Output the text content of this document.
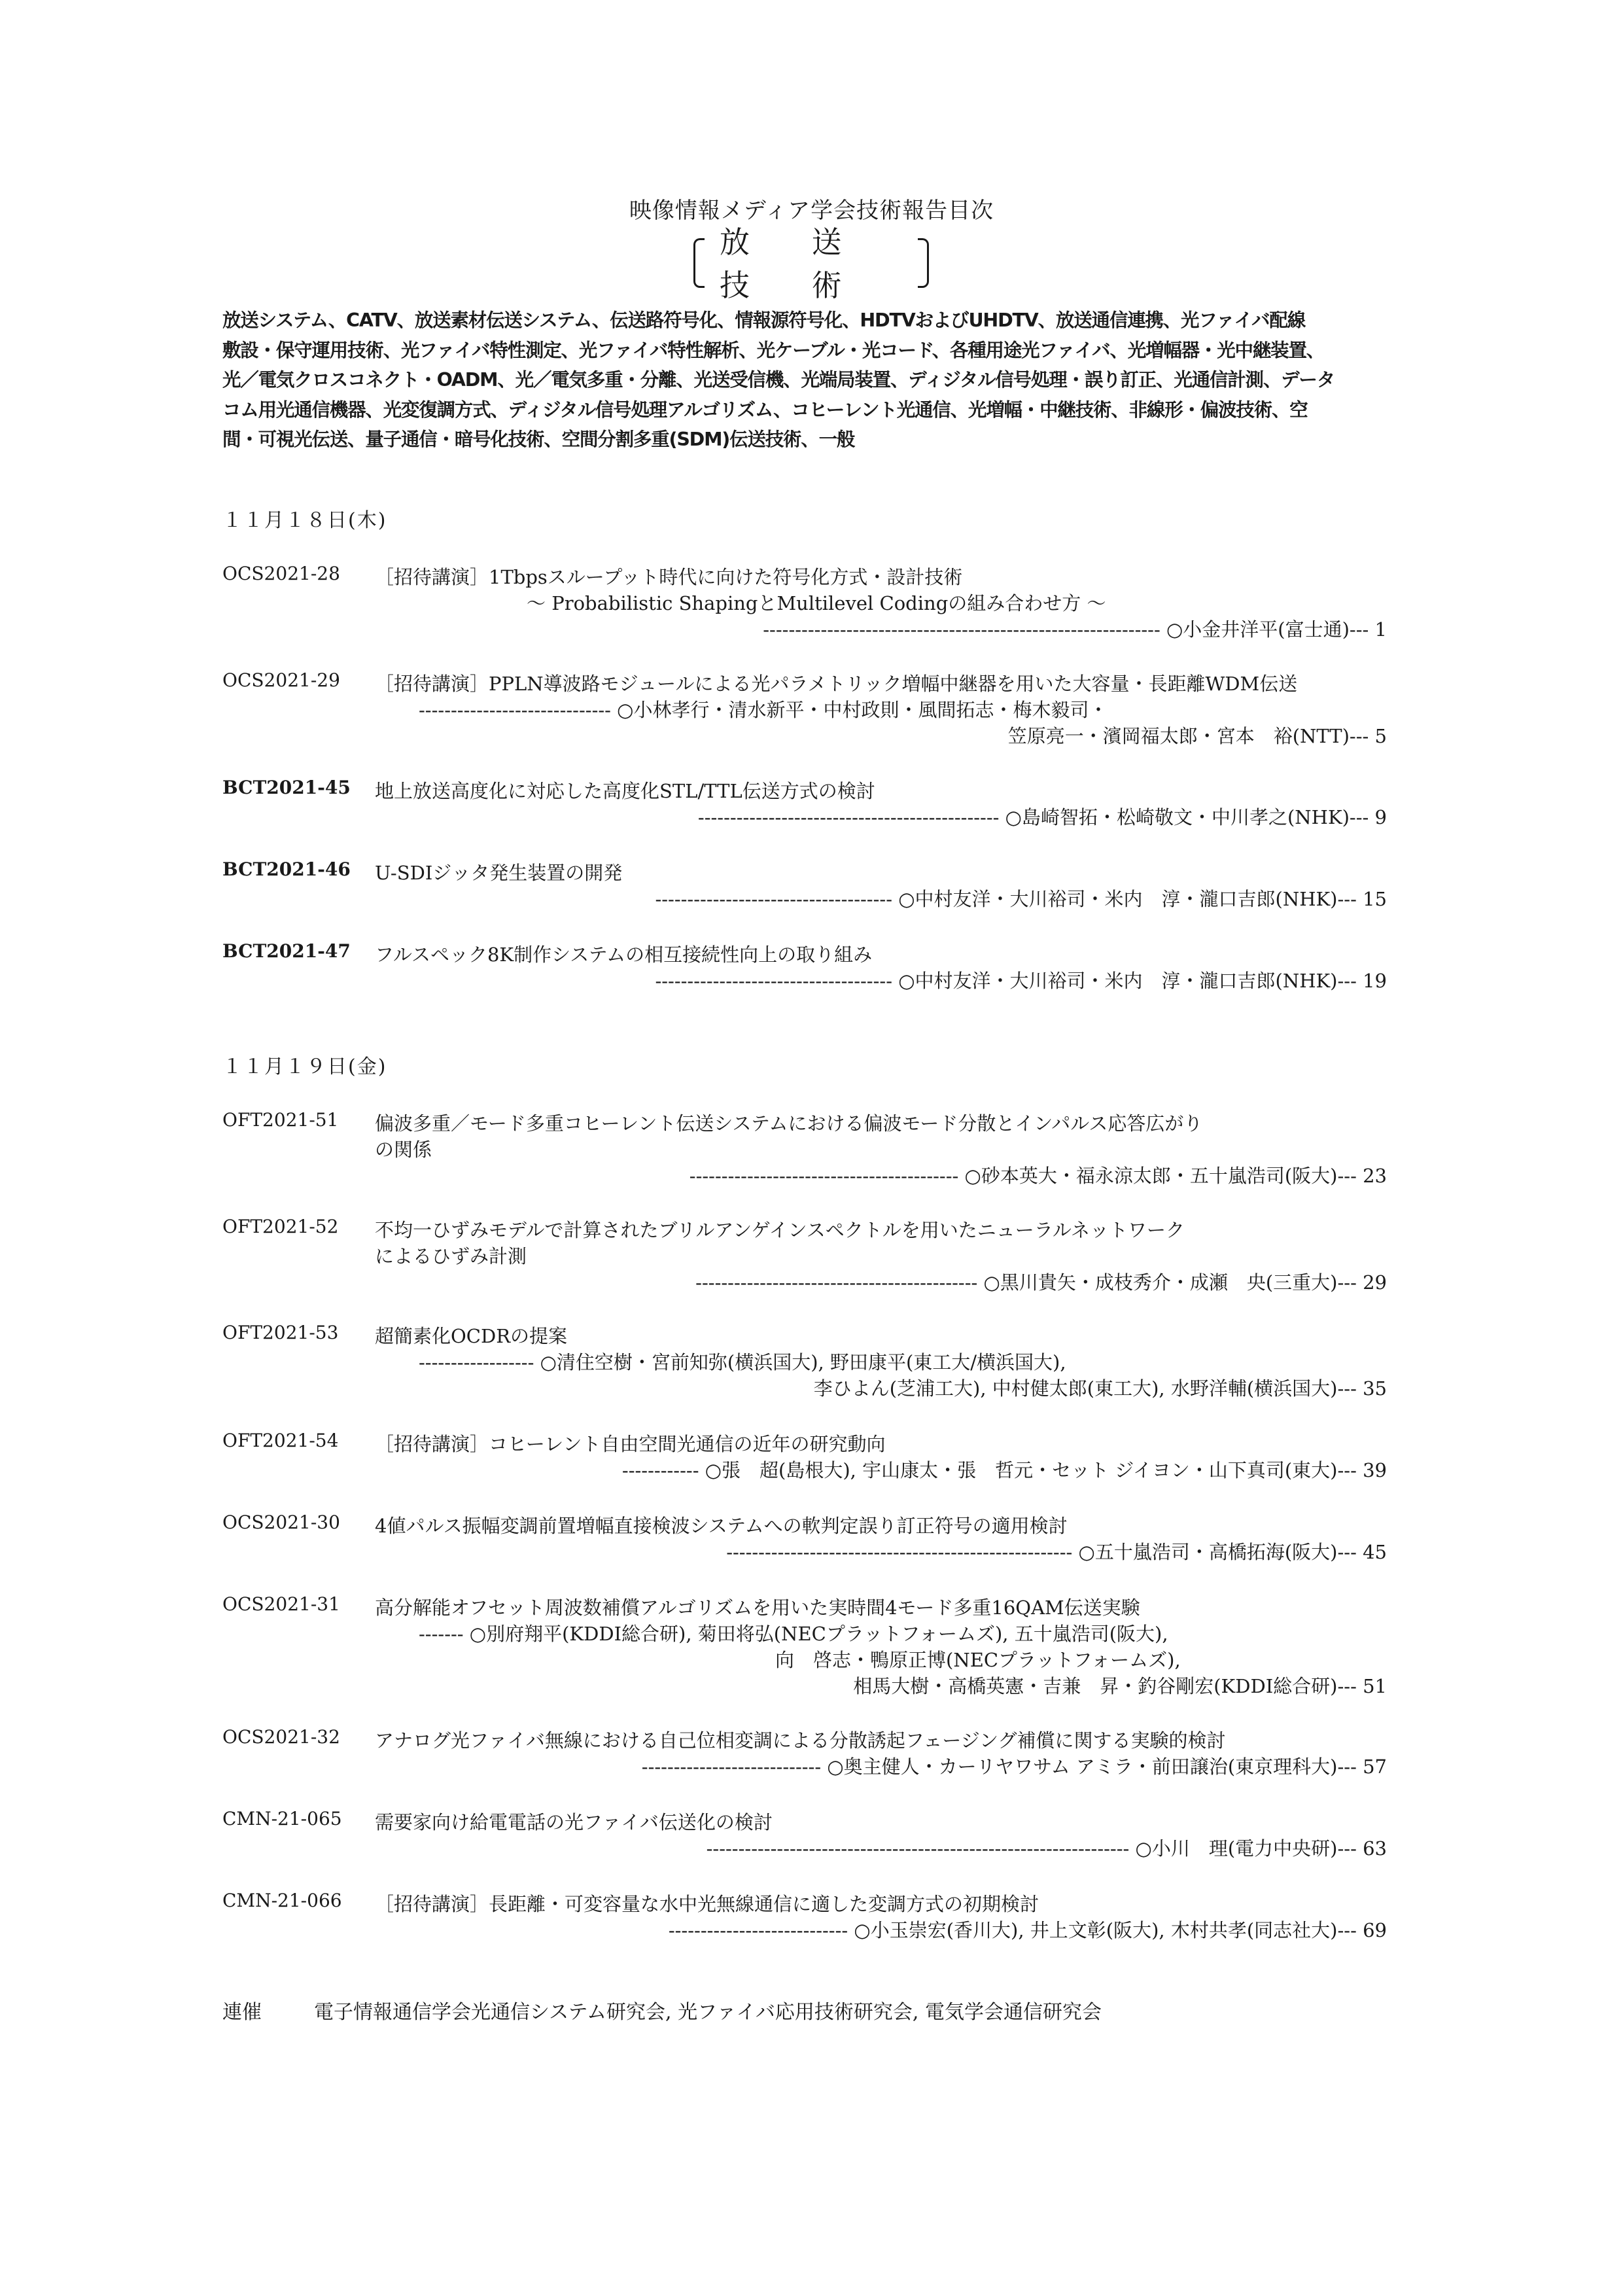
映像情報メディア学会技術報告目次
放 送 技 術
放送システム、CATV、放送素材伝送システム、伝送路符号化、情報源符号化、HDTVおよびUHDTV、放送通信連携、光ファイバ配線
敷設・保守運用技術、光ファイバ特性測定、光ファイバ特性解析、光ケーブル・光コード、各種用途光ファイバ、光増幅器・光中継装置、
光／電気クロスコネクト・OADM、光／電気多重・分離、光送受信機、光端局装置、ディジタル信号処理・誤り訂正、光通信計測、データ
コム用光通信機器、光変復調方式、ディジタル信号処理アルゴリズム、コヒーレント光通信、光増幅・中継技術、非線形・偏波技術、空
間・可視光伝送、量子通信・暗号化技術、空間分割多重(SDM)伝送技術、一般
１１月１８日(木)
OCS2021-28 ［招待講演］1Tbpsスループット時代に向けた符号化方式・設計技術
〜 Probabilistic ShapingとMultilevel Codingの組み合わせ方 〜
-------------------------------------------------------------- ○小金井洋平(富士通)--- 1
OCS2021-29 ［招待講演］PPLN導波路モジュールによる光パラメトリック増幅中継器を用いた大容量・長距離WDM伝送
------------------------------ ○小林孝行・清水新平・中村政則・風間拓志・梅木毅司・
笠原亮一・濱岡福太郎・宮本　裕(NTT)--- 5
BCT2021-45 地上放送高度化に対応した高度化STL/TTL伝送方式の検討
----------------------------------------------- ○島崎智拓・松崎敬文・中川孝之(NHK)--- 9
BCT2021-46 U-SDIジッタ発生装置の開発
------------------------------------- ○中村友洋・大川裕司・米内　淳・瀧口吉郎(NHK)--- 15
BCT2021-47 フルスペック8K制作システムの相互接続性向上の取り組み
------------------------------------- ○中村友洋・大川裕司・米内　淳・瀧口吉郎(NHK)--- 19
１１月１９日(金)
OFT2021-51 偏波多重／モード多重コヒーレント伝送システムにおける偏波モード分散とインパルス応答広がり
の関係
------------------------------------------ ○砂本英大・福永涼太郎・五十嵐浩司(阪大)--- 23
OFT2021-52 不均一ひずみモデルで計算されたブリルアンゲインスペクトルを用いたニューラルネットワーク
によるひずみ計測
-------------------------------------------- ○黒川貴矢・成枝秀介・成瀬　央(三重大)--- 29
OFT2021-53 超簡素化OCDRの提案
------------------ ○清住空樹・宮前知弥(横浜国大), 野田康平(東工大/横浜国大),
李ひよん(芝浦工大), 中村健太郎(東工大), 水野洋輔(横浜国大)--- 35
OFT2021-54 ［招待講演］コヒーレント自由空間光通信の近年の研究動向
------------ ○張　超(島根大), 宇山康太・張　哲元・セット ジイヨン・山下真司(東大)--- 39
OCS2021-30 4値パルス振幅変調前置増幅直接検波システムへの軟判定誤り訂正符号の適用検討
------------------------------------------------------ ○五十嵐浩司・高橋拓海(阪大)--- 45
OCS2021-31 高分解能オフセット周波数補償アルゴリズムを用いた実時間4モード多重16QAM伝送実験
------- ○別府翔平(KDDI総合研), 菊田将弘(NECプラットフォームズ), 五十嵐浩司(阪大),
向　啓志・鴨原正博(NECプラットフォームズ),
相馬大樹・高橋英憲・吉兼　昇・釣谷剛宏(KDDI総合研)--- 51
OCS2021-32 アナログ光ファイバ無線における自己位相変調による分散誘起フェージング補償に関する実験的検討
---------------------------- ○奥主健人・カーリヤワサム アミラ・前田譲治(東京理科大)--- 57
CMN-21-065 需要家向け給電電話の光ファイバ伝送化の検討
------------------------------------------------------------------ ○小川　理(電力中央研)--- 63
CMN-21-066 ［招待講演］長距離・可変容量な水中光無線通信に適した変調方式の初期検討
---------------------------- ○小玉崇宏(香川大), 井上文彰(阪大), 木村共孝(同志社大)--- 69
連催	電子情報通信学会光通信システム研究会, 光ファイバ応用技術研究会, 電気学会通信研究会
